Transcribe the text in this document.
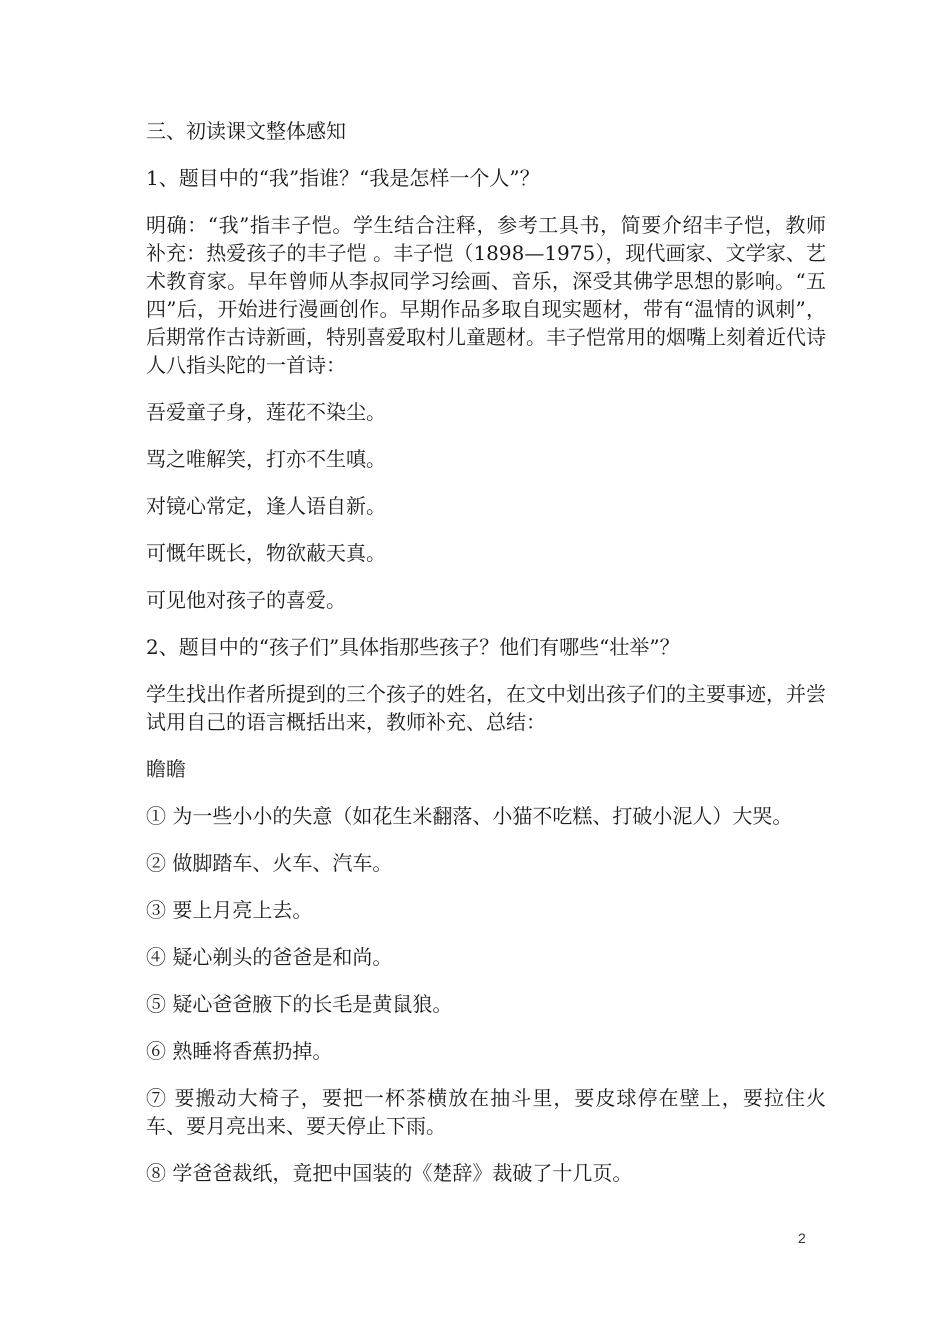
三、初读课文整体感知

1、题目中的“我”指谁？“我是怎样一个人”？

明确：“我”指丰子恺。学生结合注释，参考工具书，简要介绍丰子恺，教师补充：热爱孩子的丰子恺 。丰子恺（1898—1975），现代画家、文学家、艺术教育家。早年曾师从李叔同学习绘画、音乐，深受其佛学思想的影响。“五四”后，开始进行漫画创作。早期作品多取自现实题材，带有“温情的讽刺”，后期常作古诗新画，特别喜爱取村儿童题材。丰子恺常用的烟嘴上刻着近代诗人八指头陀的一首诗：

吾爱童子身，莲花不染尘。

骂之唯解笑，打亦不生嗔。

对镜心常定，逢人语自新。

可慨年既长，物欲蔽天真。

可见他对孩子的喜爱。

2、题目中的“孩子们”具体指那些孩子？他们有哪些“壮举”？

学生找出作者所提到的三个孩子的姓名，在文中划出孩子们的主要事迹，并尝试用自己的语言概括出来，教师补充、总结：

瞻瞻

① 为一些小小的失意（如花生米翻落、小猫不吃糕、打破小泥人）大哭。

② 做脚踏车、火车、汽车。

③ 要上月亮上去。

④ 疑心剃头的爸爸是和尚。

⑤ 疑心爸爸腋下的长毛是黄鼠狼。

⑥ 熟睡将香蕉扔掉。

⑦ 要搬动大椅子，要把一杯茶横放在抽斗里，要皮球停在壁上，要拉住火车、要月亮出来、要天停止下雨。

⑧ 学爸爸裁纸，竟把中国装的《楚辞》裁破了十几页。

2
